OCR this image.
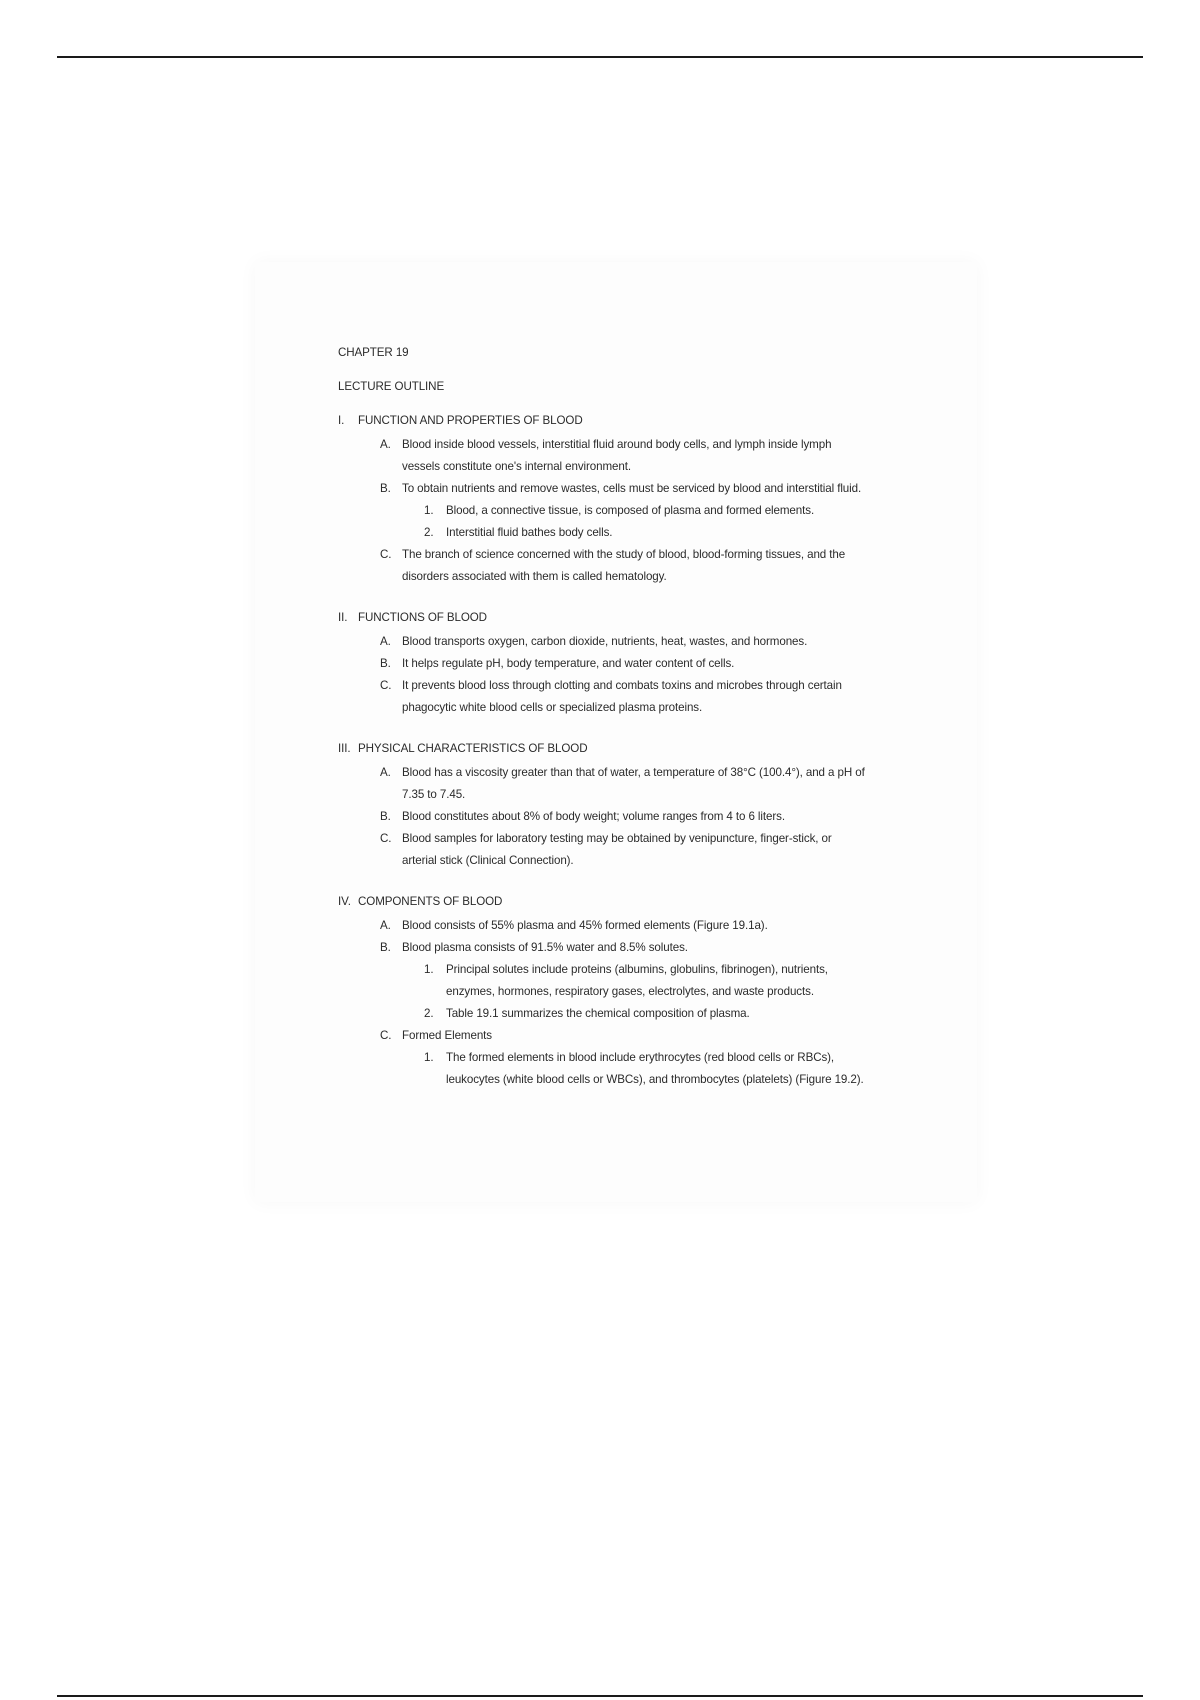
CHAPTER 19

LECTURE OUTLINE

I.	FUNCTION AND PROPERTIES OF BLOOD
A. Blood inside blood vessels, interstitial fluid around body cells, and lymph inside lymph
vessels constitute one's internal environment.
B. To obtain nutrients and remove wastes, cells must be serviced by blood and interstitial fluid.
1.	Blood, a connective tissue, is composed of plasma and formed elements.
2.	Interstitial fluid bathes body cells.
C. The branch of science concerned with the study of blood, blood-forming tissues, and the
disorders associated with them is called hematology.
II. FUNCTIONS OF BLOOD
A. Blood transports oxygen, carbon dioxide, nutrients, heat, wastes, and hormones.
B. It helps regulate pH, body temperature, and water content of cells.
C. It prevents blood loss through clotting and combats toxins and microbes through certain
phagocytic white blood cells or specialized plasma proteins.
III. PHYSICAL CHARACTERISTICS OF BLOOD
A. Blood has a viscosity greater than that of water, a temperature of 38°C (100.4°), and a pH of
7.35 to 7.45.
B. Blood constitutes about 8% of body weight; volume ranges from 4 to 6 liters.
C. Blood samples for laboratory testing may be obtained by venipuncture, finger-stick, or
arterial stick (Clinical Connection).
IV. COMPONENTS OF BLOOD
A. Blood consists of 55% plasma and 45% formed elements (Figure 19.1a).
B. Blood plasma consists of 91.5% water and 8.5% solutes.
1.	Principal solutes include proteins (albumins, globulins, fibrinogen), nutrients,
enzymes, hormones, respiratory gases, electrolytes, and waste products.
2.	Table 19.1 summarizes the chemical composition of plasma.
C. Formed Elements
1.	The formed elements in blood include erythrocytes (red blood cells or RBCs),
leukocytes (white blood cells or WBCs), and thrombocytes (platelets) (Figure 19.2).
